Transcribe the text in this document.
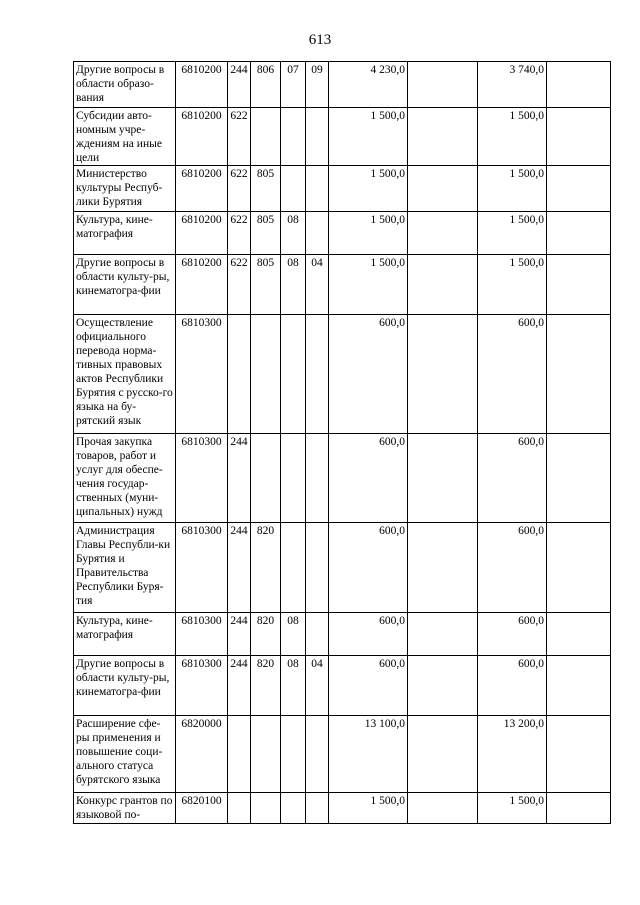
613
Другие вопросы в области образо-вания	6810200	244	806	07	09	4 230,0		3 740,0	

Субсидии авто-номным учре-ждениям на иные цели	6810200	622				1 500,0		1 500,0	

Министерство культуры Респуб-лики Бурятия	6810200	622	805			1 500,0		1 500,0	

Культура, кине-матография	6810200	622	805	08		1 500,0		1 500,0	

Другие вопросы в области культу-ры, кинематогра-фии	6810200	622	805	08	04	1 500,0		1 500,0	

Осуществление официального перевода норма-тивных правовых актов Республики Бурятия с русско-го языка на бу-рятский язык	6810300					600,0		600,0	

Прочая закупка товаров, работ и услуг для обеспе-чения государ-ственных (муни-ципальных) нужд	6810300	244				600,0		600,0	

Администрация Главы Республи-ки Бурятия и Правительства Республики Буря-тия	6810300	244	820			600,0		600,0	

Культура, кине-матография	6810300	244	820	08		600,0		600,0	

Другие вопросы в области культу-ры, кинематогра-фии	6810300	244	820	08	04	600,0		600,0	

Расширение сфе-ры применения и повышение соци-ального статуса бурятского языка	6820000					13 100,0		13 200,0	

Конкурс грантов по языковой по-	6820100					1 500,0		1 500,0	
